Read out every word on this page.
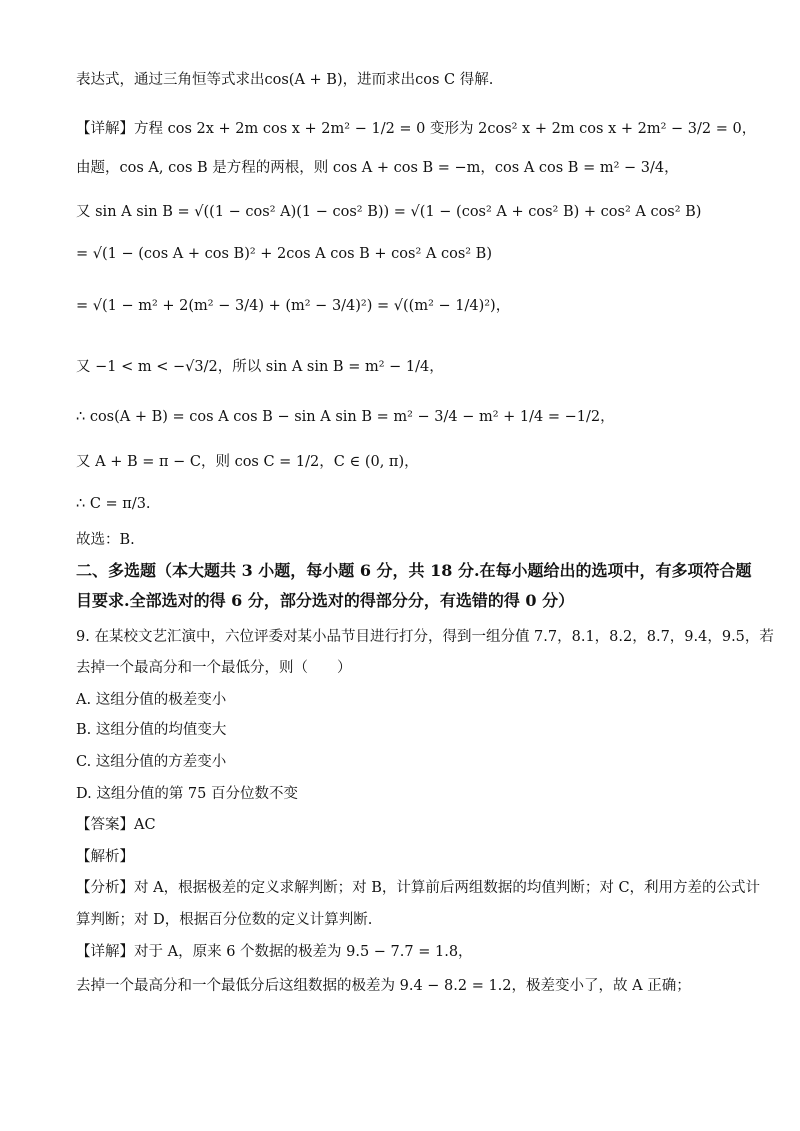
表达式，通过三角恒等式求出cos(A + B)，进而求出cos C 得解.
【详解】方程 cos 2x + 2m cos x + 2m² − 1/2 = 0 变形为 2cos² x + 2m cos x + 2m² − 3/2 = 0，
由题，cos A, cos B 是方程的两根，则 cos A + cos B = −m，cos A cos B = m² − 3/4，
又 sin A sin B = √((1 − cos² A)(1 − cos² B)) = √(1 − (cos² A + cos² B) + cos² A cos² B)
= √(1 − (cos A + cos B)² + 2cos A cos B + cos² A cos² B)
= √(1 − m² + 2(m² − 3/4) + (m² − 3/4)²) = √((m² − 1/4)²)，
又 −1 < m < −√3/2，所以 sin A sin B = m² − 1/4，
∴ cos(A + B) = cos A cos B − sin A sin B = m² − 3/4 − m² + 1/4 = −1/2，
又 A + B = π − C，则 cos C = 1/2，C ∈ (0, π)，
∴ C = π/3.
故选：B.
二、多选题（本大题共 3 小题，每小题 6 分，共 18 分.在每小题给出的选项中，有多项符合题
目要求.全部选对的得 6 分，部分选对的得部分分，有选错的得 0 分）
9. 在某校文艺汇演中，六位评委对某小品节目进行打分，得到一组分值 7.7，8.1，8.2，8.7，9.4，9.5，若
去掉一个最高分和一个最低分，则（　　）
A. 这组分值的极差变小
B. 这组分值的均值变大
C. 这组分值的方差变小
D. 这组分值的第 75 百分位数不变
【答案】AC
【解析】
【分析】对 A，根据极差的定义求解判断；对 B，计算前后两组数据的均值判断；对 C，利用方差的公式计
算判断；对 D，根据百分位数的定义计算判断.
【详解】对于 A，原来 6 个数据的极差为 9.5 − 7.7 = 1.8，
去掉一个最高分和一个最低分后这组数据的极差为 9.4 − 8.2 = 1.2，极差变小了，故 A 正确；
